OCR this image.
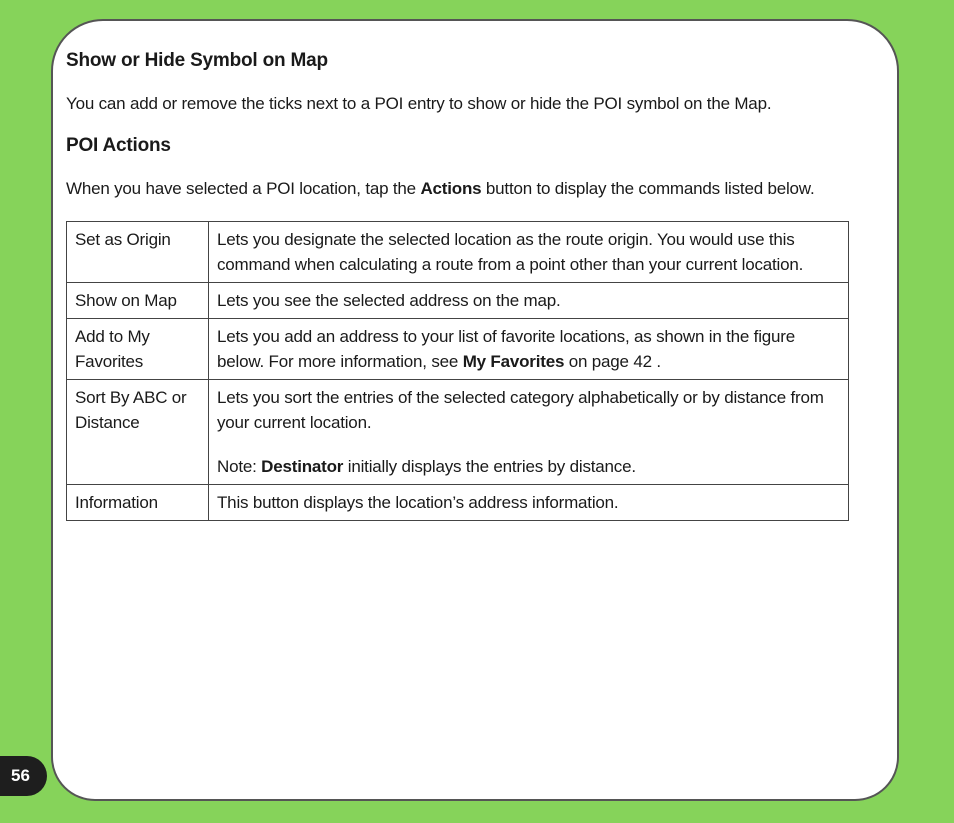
Show or Hide Symbol on Map

You can add or remove the ticks next to a POI entry to show or hide the POI symbol on the Map.

POI Actions

When you have selected a POI location, tap the Actions button to display the commands listed below.

Set as Origin	Lets you designate the selected location as the route origin. You would use this command when calculating a route from a point other than your current location.
Show on Map	Lets you see the selected address on the map.
Add to My Favorites	Lets you add an address to your list of favorite locations, as shown in the figure below. For more information, see My Favorites on page 42 .
Sort By ABC or Distance	Lets you sort the entries of the selected category alphabetically or by distance from your current location.
Note: Destinator initially displays the entries by distance.

Information	This button displays the location’s address information.
56
